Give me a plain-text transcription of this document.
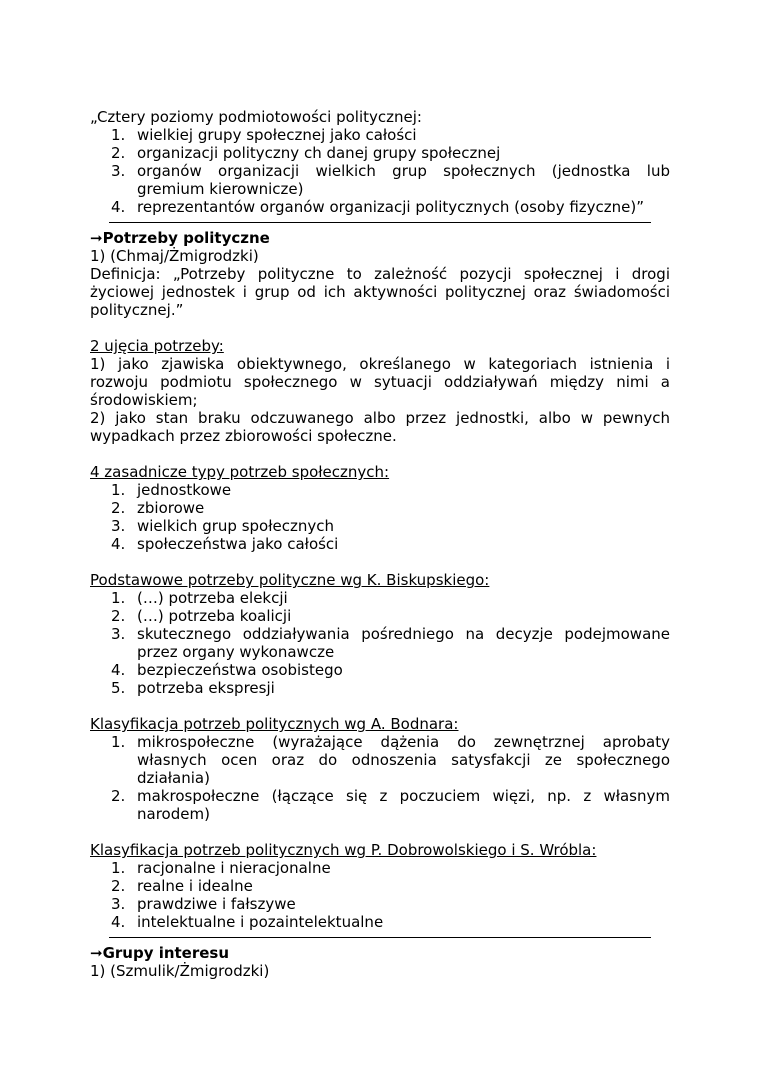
„Cztery poziomy podmiotowości politycznej:

1. wielkiej grupy społecznej jako całości
2. organizacji polityczny ch danej grupy społecznej
3. organów organizacji wielkich grup społecznych (jednostka lub gremium kierownicze)
4. reprezentantów organów organizacji politycznych (osoby fizyczne)”

➞Potrzeby polityczne

1) (Chmaj/Żmigrodzki)

Definicja: „Potrzeby polityczne to zależność pozycji społecznej i drogi życiowej jednostek i grup od ich aktywności politycznej oraz świadomości politycznej.”

2 ujęcia potrzeby:

1) jako zjawiska obiektywnego, określanego w kategoriach istnienia i rozwoju podmiotu społecznego w sytuacji oddziaływań między nimi a środowiskiem;

2) jako stan braku odczuwanego albo przez jednostki, albo w pewnych wypadkach przez zbiorowości społeczne.

4 zasadnicze typy potrzeb społecznych:

1. jednostkowe
2. zbiorowe
3. wielkich grup społecznych
4. społeczeństwa jako całości

Podstawowe potrzeby polityczne wg K. Biskupskiego:

1. (…) potrzeba elekcji
2. (…) potrzeba koalicji
3. skutecznego oddziaływania pośredniego na decyzje podejmowane przez organy wykonawcze
4. bezpieczeństwa osobistego
5. potrzeba ekspresji

Klasyfikacja potrzeb politycznych wg A. Bodnara:

1. mikrospołeczne (wyrażające dążenia do zewnętrznej aprobaty własnych ocen oraz do odnoszenia satysfakcji ze społecznego działania)
2. makrospołeczne (łączące się z poczuciem więzi, np. z własnym narodem)

Klasyfikacja potrzeb politycznych wg P. Dobrowolskiego i S. Wróbla:

1. racjonalne i nieracjonalne
2. realne i idealne
3. prawdziwe i fałszywe
4. intelektualne i pozaintelektualne

➞Grupy interesu

1) (Szmulik/Żmigrodzki)
